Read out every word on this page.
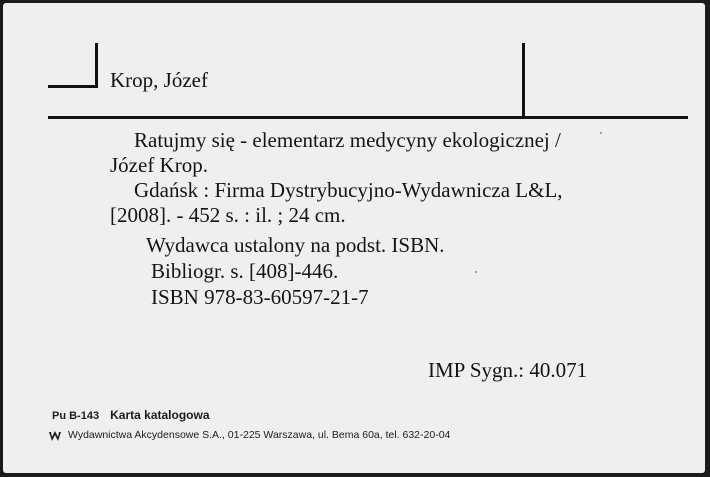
Krop, Józef
Ratujmy się - elementarz medycyny ekologicznej /
Józef Krop.
Gdańsk : Firma Dystrybucyjno-Wydawnicza L&L,
[2008]. - 452 s. : il. ; 24 cm.
Wydawca ustalony na podst. ISBN.
Bibliogr. s. [408]-446.
ISBN 978-83-60597-21-7
IMP Sygn.: 40.071
Pu B-143 Karta katalogowa
Wydawnictwa Akcydensowe S.A., 01-225 Warszawa, ul. Bema 60a, tel. 632-20-04
